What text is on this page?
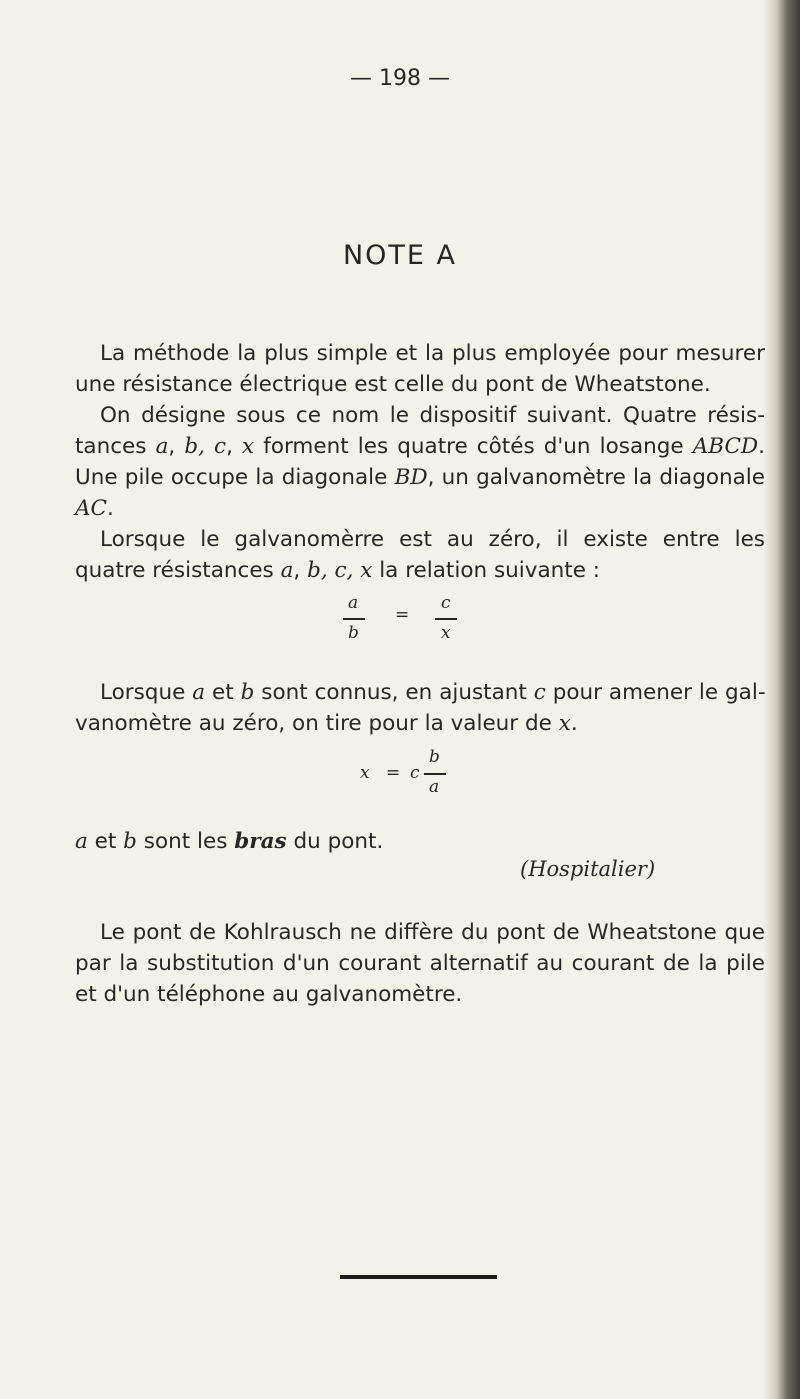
— 198 —
NOTE A

La méthode la plus simple et la plus employée pour mesurer une résistance électrique est celle du pont de Wheatstone.

On désigne sous ce nom le dispositif suivant. Quatre résis-tances a, b, c, x forment les quatre côtés d'un losange ABCD. Une pile occupe la diagonale BD, un galvanomètre la diagonale AC.

Lorsque le galvanomèrre est au zéro, il existe entre les quatre résistances a, b, c, x la relation suivante :

a	c
=
b	x

Lorsque a et b sont connus, en ajustant c pour amener le gal-vanomètre au zéro, on tire pour la valeur de x.

b
x = c
a

a et b sont les bras du pont.

(Hospitalier)

Le pont de Kohlrausch ne diffère du pont de Wheatstone que par la substitution d'un courant alternatif au courant de la pile et d'un téléphone au galvanomètre.
